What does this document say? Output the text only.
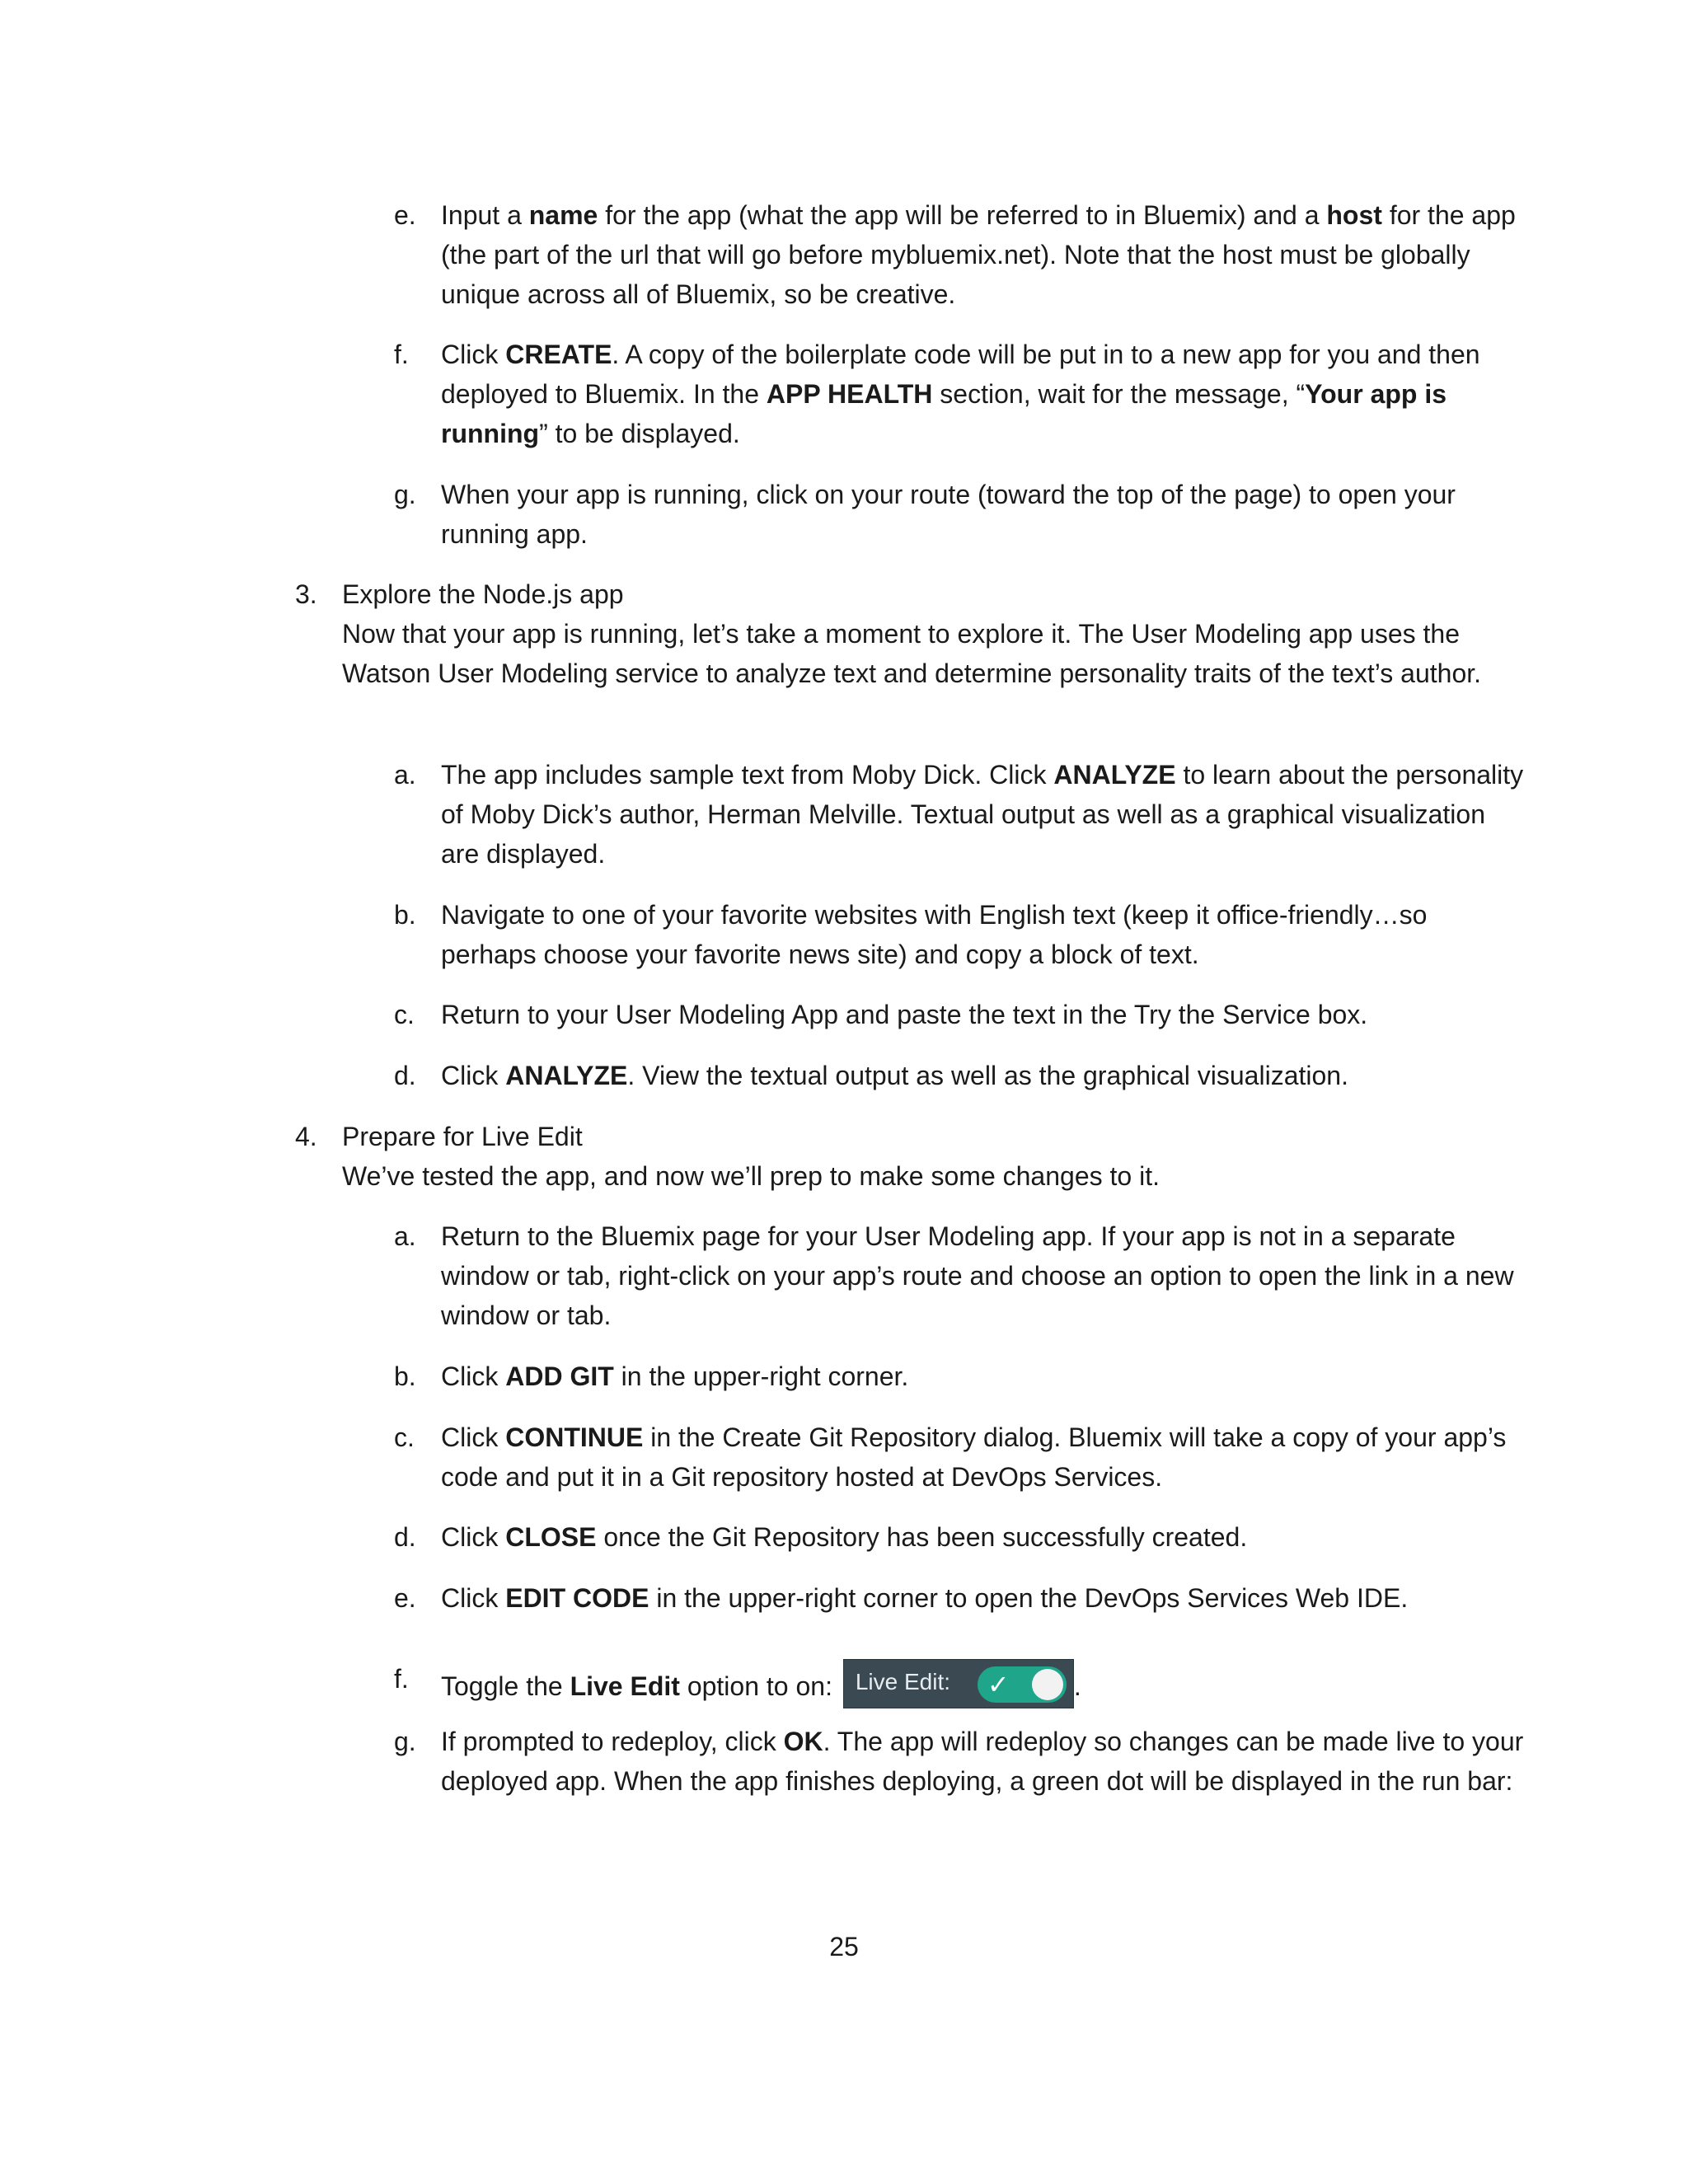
e. Input a name for the app (what the app will be referred to in Bluemix) and a host for the app (the part of the url that will go before mybluemix.net). Note that the host must be globally unique across all of Bluemix, so be creative.
f.	Click CREATE. A copy of the boilerplate code will be put in to a new app for you and then deployed to Bluemix. In the APP HEALTH section, wait for the message, “Your app is running” to be displayed.
g. When your app is running, click on your route (toward the top of the page) to open your running app.
3. Explore the Node.js app
Now that your app is running, let’s take a moment to explore it. The User Modeling app uses the Watson User Modeling service to analyze text and determine personality traits of the text’s author.
a. The app includes sample text from Moby Dick. Click ANALYZE to learn about the personality of Moby Dick’s author, Herman Melville. Textual output as well as a graphical visualization are displayed.
b. Navigate to one of your favorite websites with English text (keep it office-friendly…so perhaps choose your favorite news site) and copy a block of text.
c.	Return to your User Modeling App and paste the text in the Try the Service box.
d. Click ANALYZE. View the textual output as well as the graphical visualization.
4. Prepare for Live Edit
We’ve tested the app, and now we’ll prep to make some changes to it.
a. Return to the Bluemix page for your User Modeling app. If your app is not in a separate window or tab, right-click on your app’s route and choose an option to open the link in a new window or tab.
b. Click ADD GIT in the upper-right corner.
c.	Click CONTINUE in the Create Git Repository dialog. Bluemix will take a copy of your app’s code and put it in a Git repository hosted at DevOps Services.
d. Click CLOSE once the Git Repository has been successfully created.
e. Click EDIT CODE in the upper-right corner to open the DevOps Services Web IDE.
f.	Toggle the Live Edit option to on: Live Edit: ✓ .
g. If prompted to redeploy, click OK. The app will redeploy so changes can be made live to your deployed app. When the app finishes deploying, a green dot will be displayed in the run bar:
25
